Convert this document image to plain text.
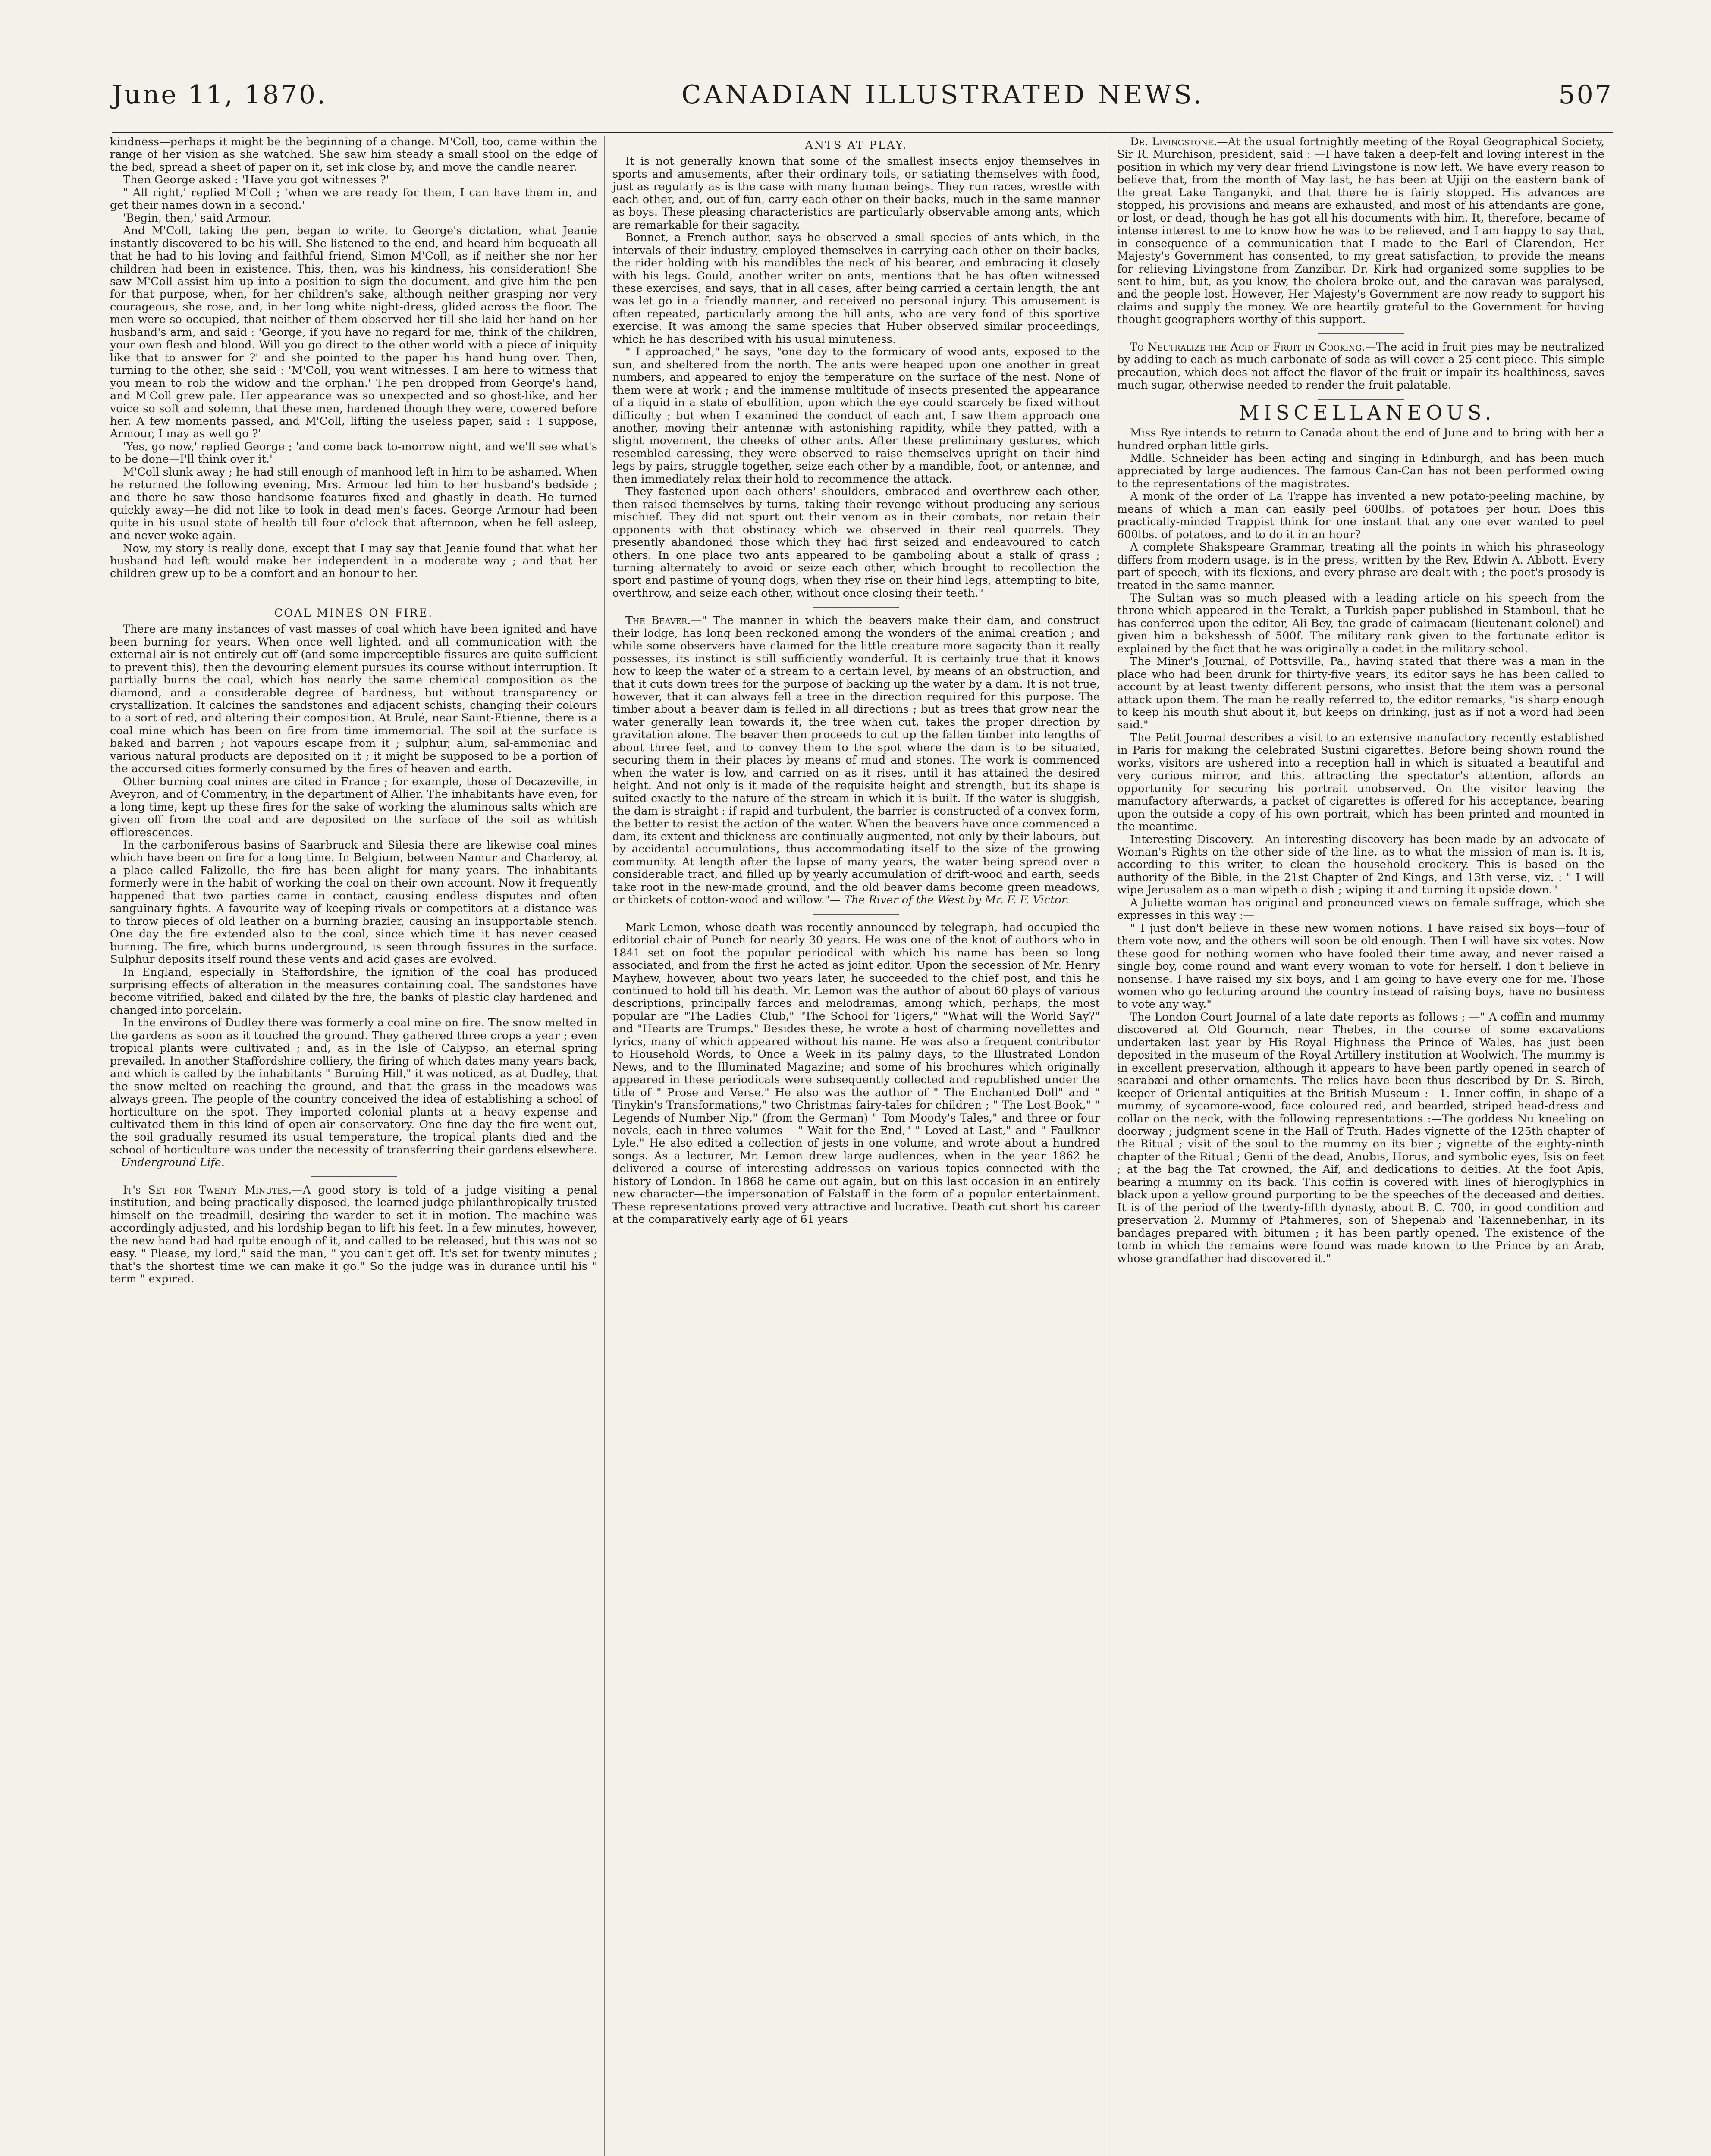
June 11, 1870.	CANADIAN ILLUSTRATED NEWS.	507

kindness—perhaps it might be the beginning of a change. M'Coll, too, came within the range of her vision as she watched. She saw him steady a small stool on the edge of the bed, spread a sheet of paper on it, set ink close by, and move the candle nearer.

Then George asked : 'Have you got witnesses ?'

" All right,' replied M'Coll ; 'when we are ready for them, I can have them in, and get their names down in a second.'

'Begin, then,' said Armour.

And M'Coll, taking the pen, began to write, to George's dictation, what Jeanie instantly discovered to be his will. She listened to the end, and heard him bequeath all that he had to his loving and faithful friend, Simon M'Coll, as if neither she nor her children had been in existence. This, then, was his kindness, his consideration! She saw M'Coll assist him up into a position to sign the document, and give him the pen for that purpose, when, for her children's sake, although neither grasping nor very courageous, she rose, and, in her long white night-dress, glided across the floor. The men were so occupied, that neither of them observed her till she laid her hand on her husband's arm, and said : 'George, if you have no regard for me, think of the children, your own flesh and blood. Will you go direct to the other world with a piece of iniquity like that to answer for ?' and she pointed to the paper his hand hung over. Then, turning to the other, she said : 'M'Coll, you want witnesses. I am here to witness that you mean to rob the widow and the orphan.' The pen dropped from George's hand, and M'Coll grew pale. Her appearance was so unexpected and so ghost-like, and her voice so soft and solemn, that these men, hardened though they were, cowered before her. A few moments passed, and M'Coll, lifting the useless paper, said : 'I suppose, Armour, I may as well go ?'

'Yes, go now,' replied George ; 'and come back to-morrow night, and we'll see what's to be done—I'll think over it.'

M'Coll slunk away ; he had still enough of manhood left in him to be ashamed. When he returned the following evening, Mrs. Armour led him to her husband's bedside ; and there he saw those handsome features fixed and ghastly in death. He turned quickly away—he did not like to look in dead men's faces. George Armour had been quite in his usual state of health till four o'clock that afternoon, when he fell asleep, and never woke again.

Now, my story is really done, except that I may say that Jeanie found that what her husband had left would make her independent in a moderate way ; and that her children grew up to be a comfort and an honour to her.

COAL MINES ON FIRE.

There are many instances of vast masses of coal which have been ignited and have been burning for years. When once well lighted, and all communication with the external air is not entirely cut off (and some imperceptible fissures are quite sufficient to prevent this), then the devouring element pursues its course without interruption. It partially burns the coal, which has nearly the same chemical composition as the diamond, and a considerable degree of hardness, but without transparency or crystallization. It calcines the sandstones and adjacent schists, changing their colours to a sort of red, and altering their composition. At Brulé, near Saint-Etienne, there is a coal mine which has been on fire from time immemorial. The soil at the surface is baked and barren ; hot vapours escape from it ; sulphur, alum, sal-ammoniac and various natural products are deposited on it ; it might be supposed to be a portion of the accursed cities formerly consumed by the fires of heaven and earth.

Other burning coal mines are cited in France ; for example, those of Decazeville, in Aveyron, and of Commentry, in the department of Allier. The inhabitants have even, for a long time, kept up these fires for the sake of working the aluminous salts which are given off from the coal and are deposited on the surface of the soil as whitish efflorescences.

In the carboniferous basins of Saarbruck and Silesia there are likewise coal mines which have been on fire for a long time. In Belgium, between Namur and Charleroy, at a place called Falizolle, the fire has been alight for many years. The inhabitants formerly were in the habit of working the coal on their own account. Now it frequently happened that two parties came in contact, causing endless disputes and often sanguinary fights. A favourite way of keeping rivals or competitors at a distance was to throw pieces of old leather on a burning brazier, causing an insupportable stench. One day the fire extended also to the coal, since which time it has never ceased burning. The fire, which burns underground, is seen through fissures in the surface. Sulphur deposits itself round these vents and acid gases are evolved.

In England, especially in Staffordshire, the ignition of the coal has produced surprising effects of alteration in the measures containing coal. The sandstones have become vitrified, baked and dilated by the fire, the banks of plastic clay hardened and changed into porcelain.

In the environs of Dudley there was formerly a coal mine on fire. The snow melted in the gardens as soon as it touched the ground. They gathered three crops a year ; even tropical plants were cultivated ; and, as in the Isle of Calypso, an eternal spring prevailed. In another Staffordshire colliery, the firing of which dates many years back, and which is called by the inhabitants " Burning Hill," it was noticed, as at Dudley, that the snow melted on reaching the ground, and that the grass in the meadows was always green. The people of the country conceived the idea of establishing a school of horticulture on the spot. They imported colonial plants at a heavy expense and cultivated them in this kind of open-air conservatory. One fine day the fire went out, the soil gradually resumed its usual temperature, the tropical plants died and the school of horticulture was under the necessity of transferring their gardens elsewhere.—Underground Life.

It's Set for Twenty Minutes,—A good story is told of a judge visiting a penal institution, and being practically disposed, the learned judge philanthropically trusted himself on the treadmill, desiring the warder to set it in motion. The machine was accordingly adjusted, and his lordship began to lift his feet. In a few minutes, however, the new hand had had quite enough of it, and called to be released, but this was not so easy. " Please, my lord," said the man, " you can't get off. It's set for twenty minutes ; that's the shortest time we can make it go." So the judge was in durance until his " term " expired.

ANTS AT PLAY.

It is not generally known that some of the smallest insects enjoy themselves in sports and amusements, after their ordinary toils, or satiating themselves with food, just as regularly as is the case with many human beings. They run races, wrestle with each other, and, out of fun, carry each other on their backs, much in the same manner as boys. These pleasing characteristics are particularly observable among ants, which are remarkable for their sagacity.

Bonnet, a French author, says he observed a small species of ants which, in the intervals of their industry, employed themselves in carrying each other on their backs, the rider holding with his mandibles the neck of his bearer, and embracing it closely with his legs. Gould, another writer on ants, mentions that he has often witnessed these exercises, and says, that in all cases, after being carried a certain length, the ant was let go in a friendly manner, and received no personal injury. This amusement is often repeated, particularly among the hill ants, who are very fond of this sportive exercise. It was among the same species that Huber observed similar proceedings, which he has described with his usual minuteness.

" I approached," he says, "one day to the formicary of wood ants, exposed to the sun, and sheltered from the north. The ants were heaped upon one another in great numbers, and appeared to enjoy the temperature on the surface of the nest. None of them were at work ; and the immense multitude of insects presented the appearance of a liquid in a state of ebullition, upon which the eye could scarcely be fixed without difficulty ; but when I examined the conduct of each ant, I saw them approach one another, moving their antennæ with astonishing rapidity, while they patted, with a slight movement, the cheeks of other ants. After these preliminary gestures, which resembled caressing, they were observed to raise themselves upright on their hind legs by pairs, struggle together, seize each other by a mandible, foot, or antennæ, and then immediately relax their hold to recommence the attack.

They fastened upon each others' shoulders, embraced and overthrew each other, then raised themselves by turns, taking their revenge without producing any serious mischief. They did not spurt out their venom as in their combats, nor retain their opponents with that obstinacy which we observed in their real quarrels. They presently abandoned those which they had first seized and endeavoured to catch others. In one place two ants appeared to be gamboling about a stalk of grass ; turning alternately to avoid or seize each other, which brought to recollection the sport and pastime of young dogs, when they rise on their hind legs, attempting to bite, overthrow, and seize each other, without once closing their teeth."

The Beaver.—" The manner in which the beavers make their dam, and construct their lodge, has long been reckoned among the wonders of the animal creation ; and while some observers have claimed for the little creature more sagacity than it really possesses, its instinct is still sufficiently wonderful. It is certainly true that it knows how to keep the water of a stream to a certain level, by means of an obstruction, and that it cuts down trees for the purpose of backing up the water by a dam. It is not true, however, that it can always fell a tree in the direction required for this purpose. The timber about a beaver dam is felled in all directions ; but as trees that grow near the water generally lean towards it, the tree when cut, takes the proper direction by gravitation alone. The beaver then proceeds to cut up the fallen timber into lengths of about three feet, and to convey them to the spot where the dam is to be situated, securing them in their places by means of mud and stones. The work is commenced when the water is low, and carried on as it rises, until it has attained the desired height. And not only is it made of the requisite height and strength, but its shape is suited exactly to the nature of the stream in which it is built. If the water is sluggish, the dam is straight : if rapid and turbulent, the barrier is constructed of a convex form, the better to resist the action of the water. When the beavers have once commenced a dam, its extent and thickness are continually augmented, not only by their labours, but by accidental accumulations, thus accommodating itself to the size of the growing community. At length after the lapse of many years, the water being spread over a considerable tract, and filled up by yearly accumulation of drift-wood and earth, seeds take root in the new-made ground, and the old beaver dams become green meadows, or thickets of cotton-wood and willow."— The River of the West by Mr. F. F. Victor.

Mark Lemon, whose death was recently announced by telegraph, had occupied the editorial chair of Punch for nearly 30 years. He was one of the knot of authors who in 1841 set on foot the popular periodical with which his name has been so long associated, and from the first he acted as joint editor. Upon the secession of Mr. Henry Mayhew, however, about two years later, he succeeded to the chief post, and this he continued to hold till his death. Mr. Lemon was the author of about 60 plays of various descriptions, principally farces and melodramas, among which, perhaps, the most popular are "The Ladies' Club," "The School for Tigers," "What will the World Say?" and "Hearts are Trumps." Besides these, he wrote a host of charming novellettes and lyrics, many of which appeared without his name. He was also a frequent contributor to Household Words, to Once a Week in its palmy days, to the Illustrated London News, and to the Illuminated Magazine; and some of his brochures which originally appeared in these periodicals were subsequently collected and republished under the title of " Prose and Verse." He also was the author of " The Enchanted Doll" and " Tinykin's Transformations," two Christmas fairy-tales for children ; " The Lost Book," " Legends of Number Nip," (from the German) " Tom Moody's Tales," and three or four novels, each in three volumes— " Wait for the End," " Loved at Last," and " Faulkner Lyle." He also edited a collection of jests in one volume, and wrote about a hundred songs. As a lecturer, Mr. Lemon drew large audiences, when in the year 1862 he delivered a course of interesting addresses on various topics connected with the history of London. In 1868 he came out again, but on this last occasion in an entirely new character—the impersonation of Falstaff in the form of a popular entertainment. These representations proved very attractive and lucrative. Death cut short his career at the comparatively early age of 61 years

Dr. Livingstone.—At the usual fortnightly meeting of the Royal Geographical Society, Sir R. Murchison, president, said : —I have taken a deep-felt and loving interest in the position in which my very dear friend Livingstone is now left. We have every reason to believe that, from the month of May last, he has been at Ujiji on the eastern bank of the great Lake Tanganyki, and that there he is fairly stopped. His advances are stopped, his provisions and means are exhausted, and most of his attendants are gone, or lost, or dead, though he has got all his documents with him. It, therefore, became of intense interest to me to know how he was to be relieved, and I am happy to say that, in consequence of a communication that I made to the Earl of Clarendon, Her Majesty's Government has consented, to my great satisfaction, to provide the means for relieving Livingstone from Zanzibar. Dr. Kirk had organized some supplies to be sent to him, but, as you know, the cholera broke out, and the caravan was paralysed, and the people lost. However, Her Majesty's Government are now ready to support his claims and supply the money. We are heartily grateful to the Government for having thought geographers worthy of this support.

To Neutralize the Acid of Fruit in Cooking.—The acid in fruit pies may be neutralized by adding to each as much carbonate of soda as will cover a 25-cent piece. This simple precaution, which does not affect the flavor of the fruit or impair its healthiness, saves much sugar, otherwise needed to render the fruit palatable.

MISCELLANEOUS.

Miss Rye intends to return to Canada about the end of June and to bring with her a hundred orphan little girls.

Mdlle. Schneider has been acting and singing in Edinburgh, and has been much appreciated by large audiences. The famous Can-Can has not been performed owing to the representations of the magistrates.

A monk of the order of La Trappe has invented a new potato-peeling machine, by means of which a man can easily peel 600lbs. of potatoes per hour. Does this practically-minded Trappist think for one instant that any one ever wanted to peel 600lbs. of potatoes, and to do it in an hour?

A complete Shakspeare Grammar, treating all the points in which his phraseology differs from modern usage, is in the press, written by the Rev. Edwin A. Abbott. Every part of speech, with its flexions, and every phrase are dealt with ; the poet's prosody is treated in the same manner.

The Sultan was so much pleased with a leading article on his speech from the throne which appeared in the Terakt, a Turkish paper published in Stamboul, that he has conferred upon the editor, Ali Bey, the grade of caimacam (lieutenant-colonel) and given him a bakshessh of 500f. The military rank given to the fortunate editor is explained by the fact that he was originally a cadet in the military school.

The Miner's Journal, of Pottsville, Pa., having stated that there was a man in the place who had been drunk for thirty-five years, its editor says he has been called to account by at least twenty different persons, who insist that the item was a personal attack upon them. The man he really referred to, the editor remarks, "is sharp enough to keep his mouth shut about it, but keeps on drinking, just as if not a word had been said."

The Petit Journal describes a visit to an extensive manufactory recently established in Paris for making the celebrated Sustini cigarettes. Before being shown round the works, visitors are ushered into a reception hall in which is situated a beautiful and very curious mirror, and this, attracting the spectator's attention, affords an opportunity for securing his portrait unobserved. On the visitor leaving the manufactory afterwards, a packet of cigarettes is offered for his acceptance, bearing upon the outside a copy of his own portrait, which has been printed and mounted in the meantime.

Interesting Discovery.—An interesting discovery has been made by an advocate of Woman's Rights on the other side of the line, as to what the mission of man is. It is, according to this writer, to clean the household crockery. This is based on the authority of the Bible, in the 21st Chapter of 2nd Kings, and 13th verse, viz. : " I will wipe Jerusalem as a man wipeth a dish ; wiping it and turning it upside down."

A Juliette woman has original and pronounced views on female suffrage, which she expresses in this way :—

" I just don't believe in these new women notions. I have raised six boys—four of them vote now, and the others will soon be old enough. Then I will have six votes. Now these good for nothing women who have fooled their time away, and never raised a single boy, come round and want every woman to vote for herself. I don't believe in nonsense. I have raised my six boys, and I am going to have every one for me. Those women who go lecturing around the country instead of raising boys, have no business to vote any way."

The London Court Journal of a late date reports as follows ; —" A coffin and mummy discovered at Old Gournch, near Thebes, in the course of some excavations undertaken last year by His Royal Highness the Prince of Wales, has just been deposited in the museum of the Royal Artillery institution at Woolwich. The mummy is in excellent preservation, although it appears to have been partly opened in search of scarabæi and other ornaments. The relics have been thus described by Dr. S. Birch, keeper of Oriental antiquities at the British Museum :—1. Inner coffin, in shape of a mummy, of sycamore-wood, face coloured red, and bearded, striped head-dress and collar on the neck, with the following representations :—The goddess Nu kneeling on doorway ; judgment scene in the Hall of Truth. Hades vignette of the 125th chapter of the Ritual ; visit of the soul to the mummy on its bier ; vignette of the eighty-ninth chapter of the Ritual ; Genii of the dead, Anubis, Horus, and symbolic eyes, Isis on feet ; at the bag the Tat crowned, the Aif, and dedications to deities. At the foot Apis, bearing a mummy on its back. This coffin is covered with lines of hieroglyphics in black upon a yellow ground purporting to be the speeches of the deceased and deities. It is of the period of the twenty-fifth dynasty, about B. C. 700, in good condition and preservation 2. Mummy of Ptahmeres, son of Shepenab and Takennebenhar, in its bandages prepared with bitumen ; it has been partly opened. The existence of the tomb in which the remains were found was made known to the Prince by an Arab, whose grandfather had discovered it."
